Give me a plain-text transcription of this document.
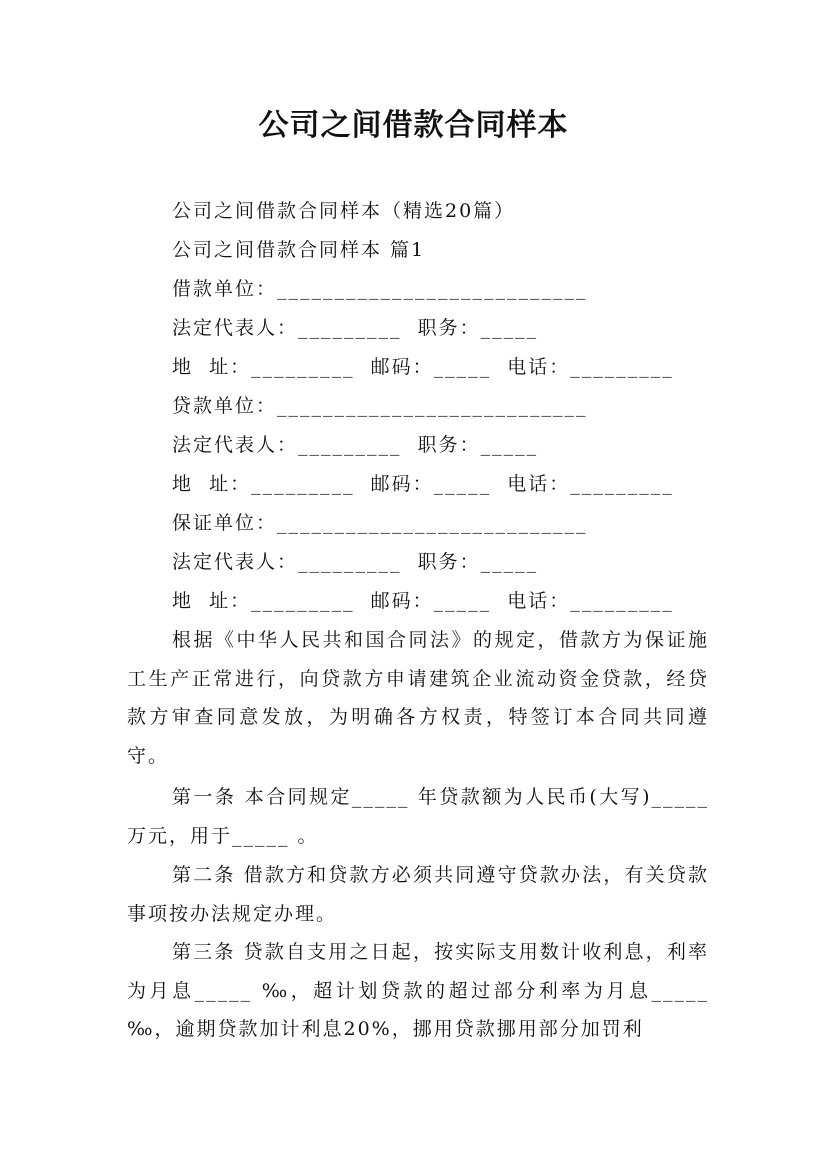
公司之间借款合同样本
公司之间借款合同样本（精选20篇）
公司之间借款合同样本 篇1
借款单位：___________________________
法定代表人：_________  职务：_____
地  址：_________  邮码：_____  电话：_________
贷款单位：___________________________
法定代表人：_________  职务：_____
地  址：_________  邮码：_____  电话：_________
保证单位：___________________________
法定代表人：_________  职务：_____
地  址：_________  邮码：_____  电话：_________
根据《中华人民共和国合同法》的规定，借款方为保证施工生产正常进行，向贷款方申请建筑企业流动资金贷款，经贷款方审查同意发放，为明确各方权责，特签订本合同共同遵守。
第一条 本合同规定_____ 年贷款额为人民币(大写)_____万元，用于_____ 。
第二条 借款方和贷款方必须共同遵守贷款办法，有关贷款事项按办法规定办理。
第三条 贷款自支用之日起，按实际支用数计收利息，利率为月息_____ ‰，超计划贷款的超过部分利率为月息_____ ‰，逾期贷款加计利息20%，挪用贷款挪用部分加罚利
